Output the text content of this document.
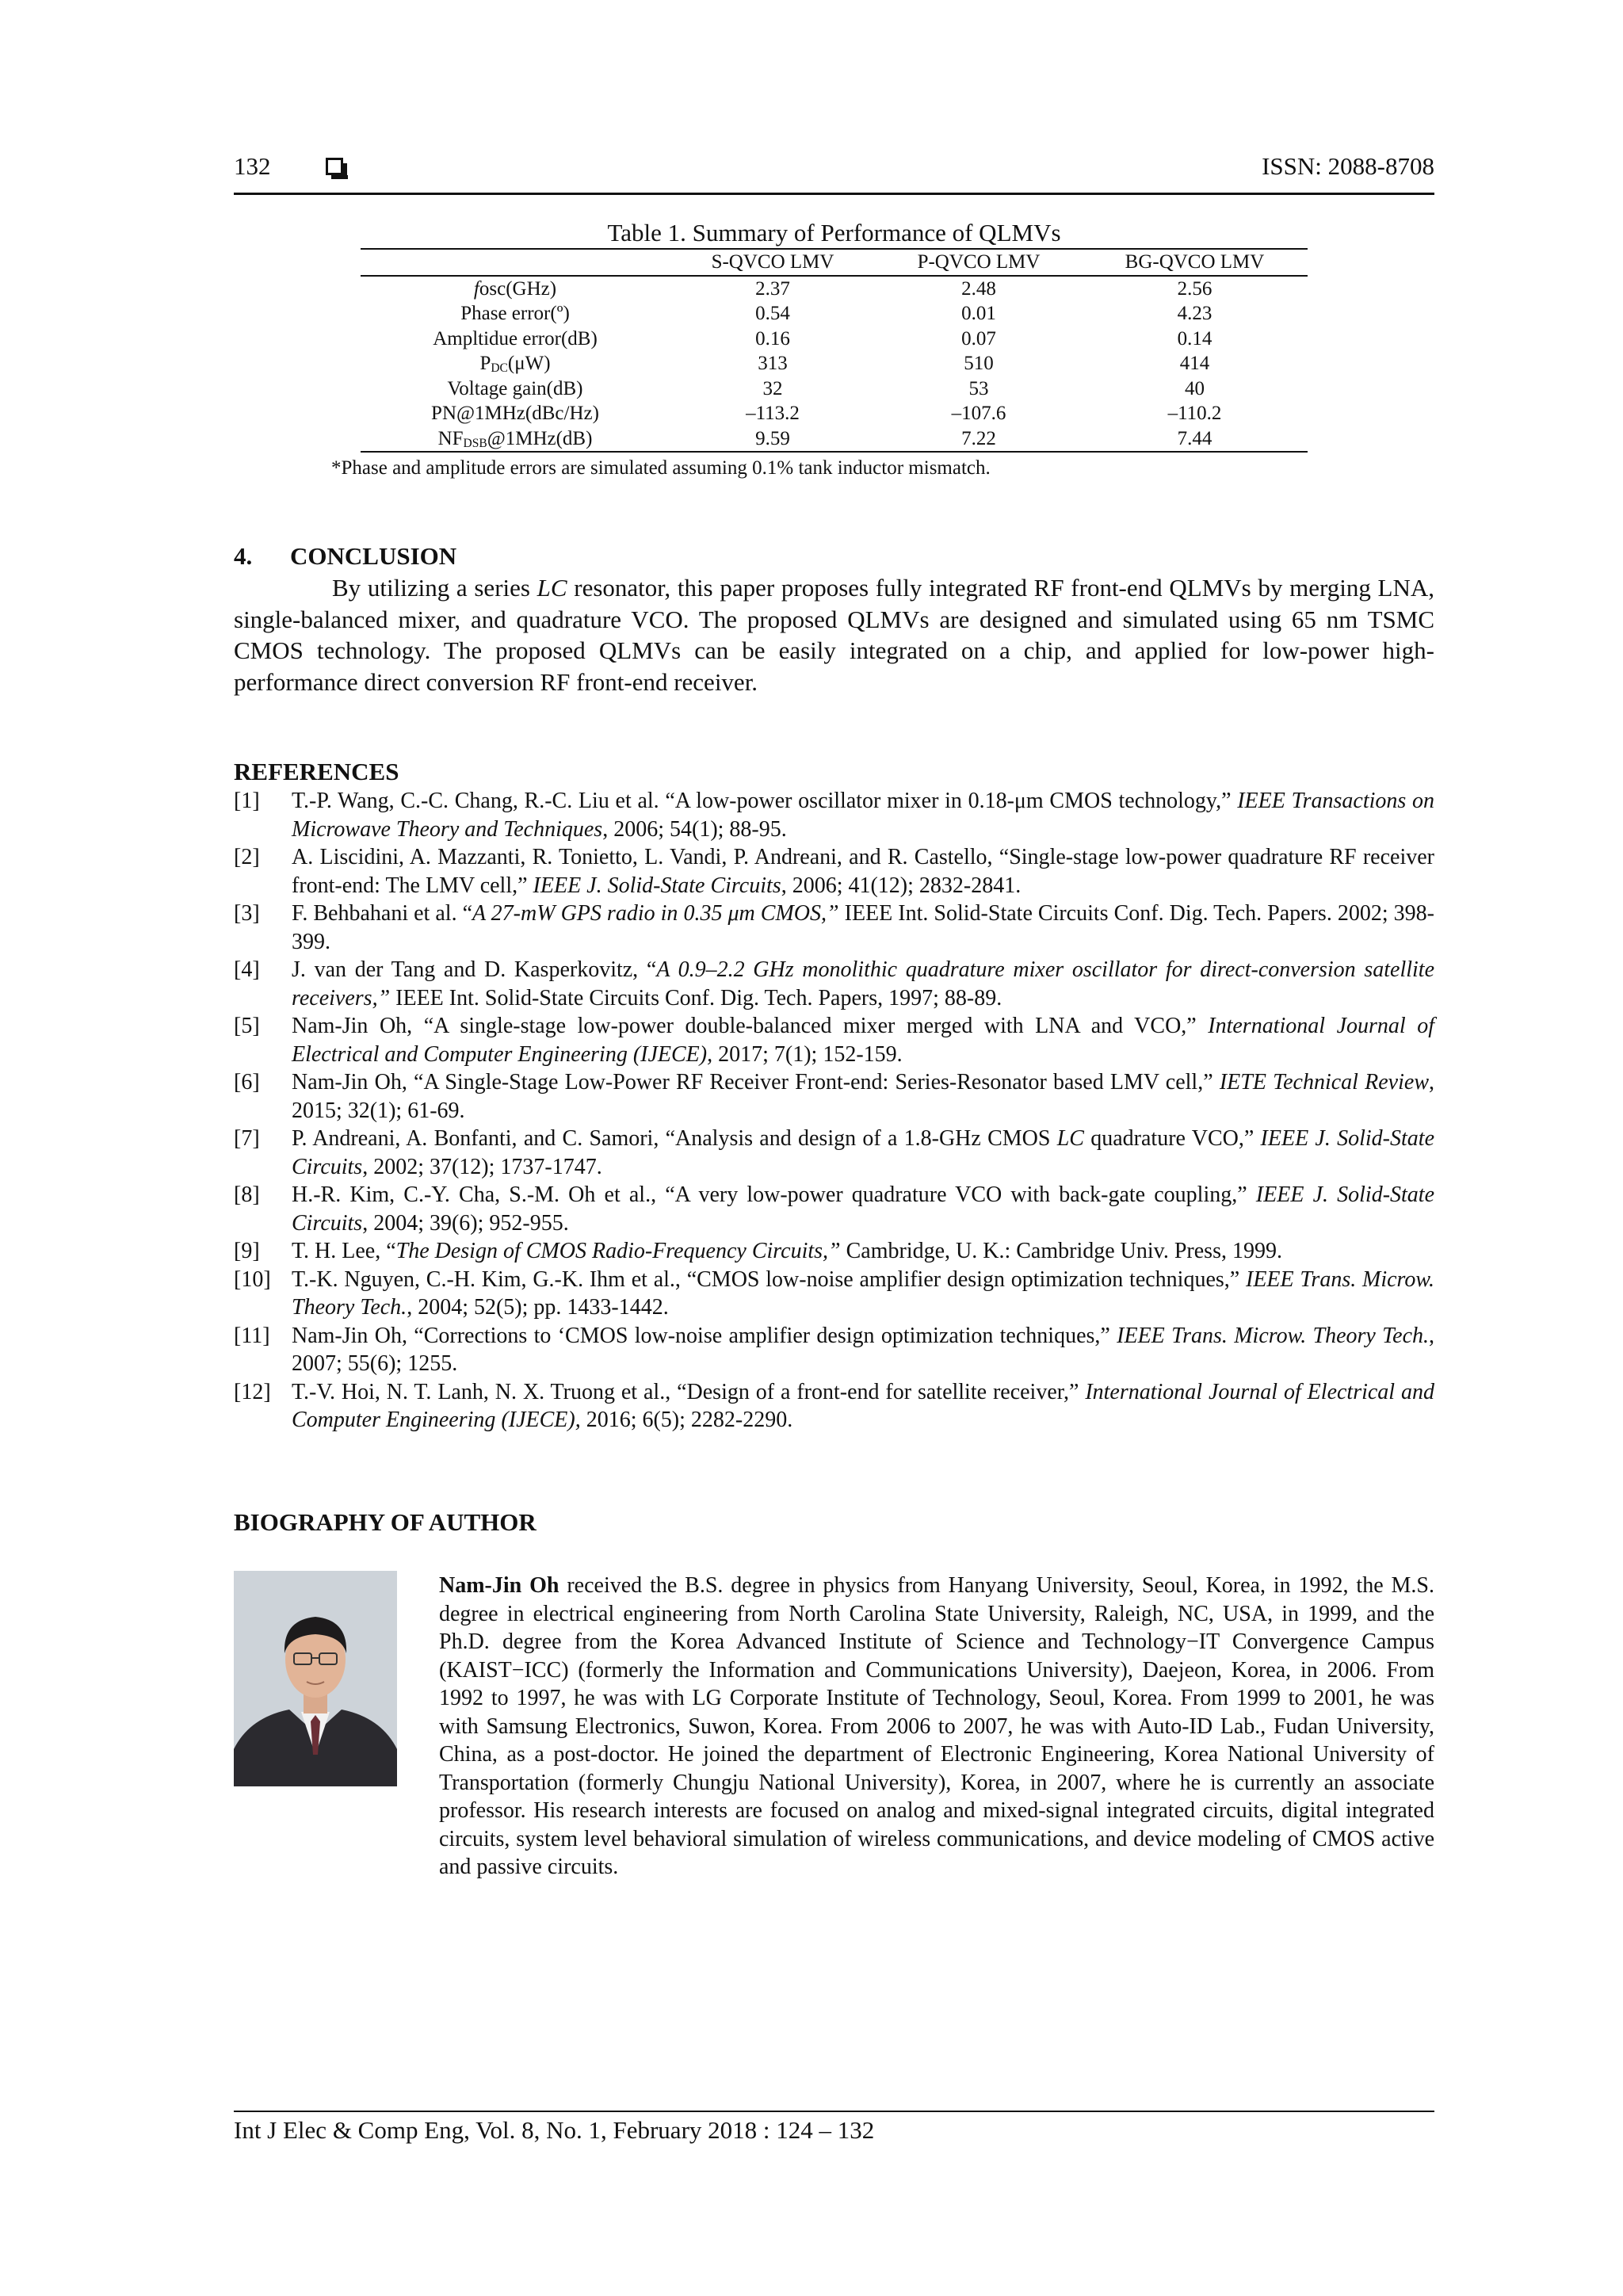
132	ISSN: 2088-8708
Table 1. Summary of Performance of QLMVs
	S-QVCO LMV	P-QVCO LMV	BG-QVCO LMV
fosc(GHz)	2.37	2.48	2.56
Phase error(º)	0.54	0.01	4.23
Ampltidue error(dB)	0.16	0.07	0.14
$P_{DC}(\mu W)$	313	510	414
Voltage gain(dB)	32	53	40
PN@1MHz(dBc/Hz)	–113.2	–107.6	–110.2
$NF_{DSB}@1MHz(dB)$	9.59	7.22	7.44
*Phase and amplitude errors are simulated assuming 0.1% tank inductor mismatch.
4. CONCLUSION
By utilizing a series LC resonator, this paper proposes fully integrated RF front-end QLMVs by merging LNA, single-balanced mixer, and quadrature VCO. The proposed QLMVs are designed and simulated using 65 nm TSMC CMOS technology. The proposed QLMVs can be easily integrated on a chip, and applied for low-power high-performance direct conversion RF front-end receiver.
REFERENCES
[1]	T.-P. Wang, C.-C. Chang, R.-C. Liu et al. “A low-power oscillator mixer in 0.18-μm CMOS technology,” IEEE Transactions on Microwave Theory and Techniques, 2006; 54(1); 88-95.
[2]	A. Liscidini, A. Mazzanti, R. Tonietto, L. Vandi, P. Andreani, and R. Castello, “Single-stage low-power quadrature RF receiver front-end: The LMV cell,” IEEE J. Solid-State Circuits, 2006; 41(12); 2832-2841.
[3]	F. Behbahani et al. “A 27-mW GPS radio in 0.35 μm CMOS,” IEEE Int. Solid-State Circuits Conf. Dig. Tech. Papers. 2002; 398-399.
[4]	J. van der Tang and D. Kasperkovitz, “A 0.9–2.2 GHz monolithic quadrature mixer oscillator for direct-conversion satellite receivers,” IEEE Int. Solid-State Circuits Conf. Dig. Tech. Papers, 1997; 88-89.
[5]	Nam-Jin Oh, “A single-stage low-power double-balanced mixer merged with LNA and VCO,” International Journal of Electrical and Computer Engineering (IJECE), 2017; 7(1); 152-159.
[6]	Nam-Jin Oh, “A Single-Stage Low-Power RF Receiver Front-end: Series-Resonator based LMV cell,” IETE Technical Review, 2015; 32(1); 61-69.
[7]	P. Andreani, A. Bonfanti, and C. Samori, “Analysis and design of a 1.8-GHz CMOS LC quadrature VCO,” IEEE J. Solid-State Circuits, 2002; 37(12); 1737-1747.
[8]	H.-R. Kim, C.-Y. Cha, S.-M. Oh et al., “A very low-power quadrature VCO with back-gate coupling,” IEEE J. Solid-State Circuits, 2004; 39(6); 952-955.
[9]	T. H. Lee, “The Design of CMOS Radio-Frequency Circuits,” Cambridge, U. K.: Cambridge Univ. Press, 1999.
[10] T.-K. Nguyen, C.-H. Kim, G.-K. Ihm et al., “CMOS low-noise amplifier design optimization techniques,” IEEE Trans. Microw. Theory Tech., 2004; 52(5); pp. 1433-1442.
[11] Nam-Jin Oh, “Corrections to ‘CMOS low-noise amplifier design optimization techniques,” IEEE Trans. Microw. Theory Tech., 2007; 55(6); 1255.
[12] T.-V. Hoi, N. T. Lanh, N. X. Truong et al., “Design of a front-end for satellite receiver,” International Journal of Electrical and Computer Engineering (IJECE), 2016; 6(5); 2282-2290.
BIOGRAPHY OF AUTHOR
Nam-Jin Oh received the B.S. degree in physics from Hanyang University, Seoul, Korea, in 1992, the M.S. degree in electrical engineering from North Carolina State University, Raleigh, NC, USA, in 1999, and the Ph.D. degree from the Korea Advanced Institute of Science and Technology−IT Convergence Campus (KAIST−ICC) (formerly the Information and Communications University), Daejeon, Korea, in 2006. From 1992 to 1997, he was with LG Corporate Institute of Technology, Seoul, Korea. From 1999 to 2001, he was with Samsung Electronics, Suwon, Korea. From 2006 to 2007, he was with Auto-ID Lab., Fudan University, China, as a post-doctor. He joined the department of Electronic Engineering, Korea National University of Transportation (formerly Chungju National University), Korea, in 2007, where he is currently an associate professor. His research interests are focused on analog and mixed-signal integrated circuits, digital integrated circuits, system level behavioral simulation of wireless communications, and device modeling of CMOS active and passive circuits.
Int J Elec & Comp Eng, Vol. 8, No. 1, February 2018 : 124 – 132
